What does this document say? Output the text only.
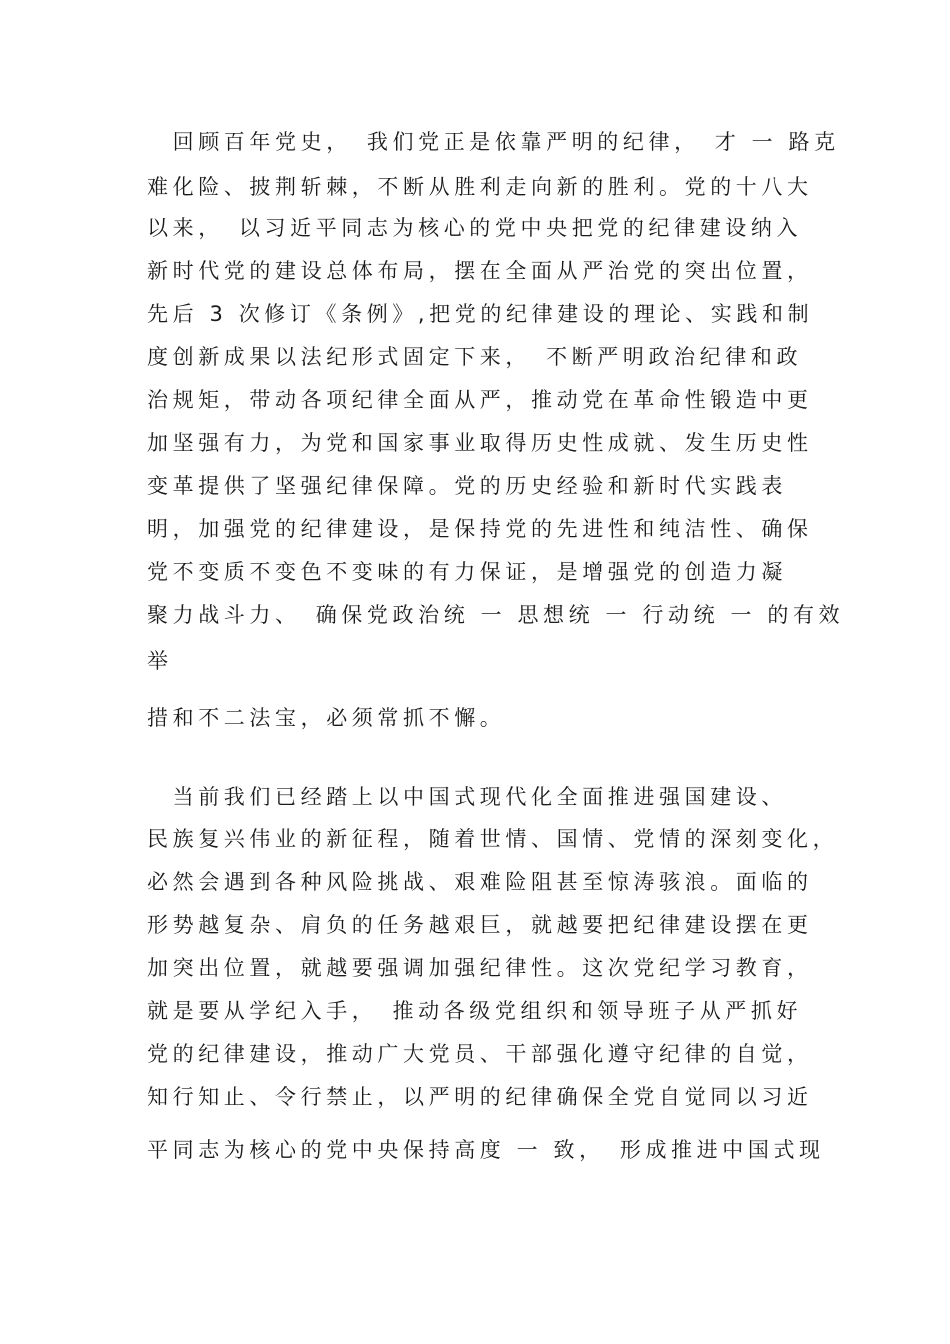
　回顾百年党史，　我们党正是依靠严明的纪律，　才 一 路克
难化险、披荆斩棘，不断从胜利走向新的胜利。党的十八大
以来，　以习近平同志为核心的党中央把党的纪律建设纳入
新时代党的建设总体布局，摆在全面从严治党的突出位置，
先后 3 次修订《条例》,把党的纪律建设的理论、实践和制
度创新成果以法纪形式固定下来，　不断严明政治纪律和政
治规矩，带动各项纪律全面从严，推动党在革命性锻造中更
加坚强有力，为党和国家事业取得历史性成就、发生历史性
变革提供了坚强纪律保障。党的历史经验和新时代实践表
明，加强党的纪律建设，是保持党的先进性和纯洁性、确保
党不变质不变色不变味的有力保证，是增强党的创造力凝
聚力战斗力、　确保党政治统 一 思想统 一 行动统 一 的有效
举
措和不二法宝，必须常抓不懈。
　当前我们已经踏上以中国式现代化全面推进强国建设、
民族复兴伟业的新征程，随着世情、国情、党情的深刻变化，
必然会遇到各种风险挑战、艰难险阻甚至惊涛骇浪。面临的
形势越复杂、肩负的任务越艰巨，就越要把纪律建设摆在更
加突出位置，就越要强调加强纪律性。这次党纪学习教育，
就是要从学纪入手，　推动各级党组织和领导班子从严抓好
党的纪律建设，推动广大党员、干部强化遵守纪律的自觉，
知行知止、令行禁止，以严明的纪律确保全党自觉同以习近
平同志为核心的党中央保持高度 一 致，　形成推进中国式现
